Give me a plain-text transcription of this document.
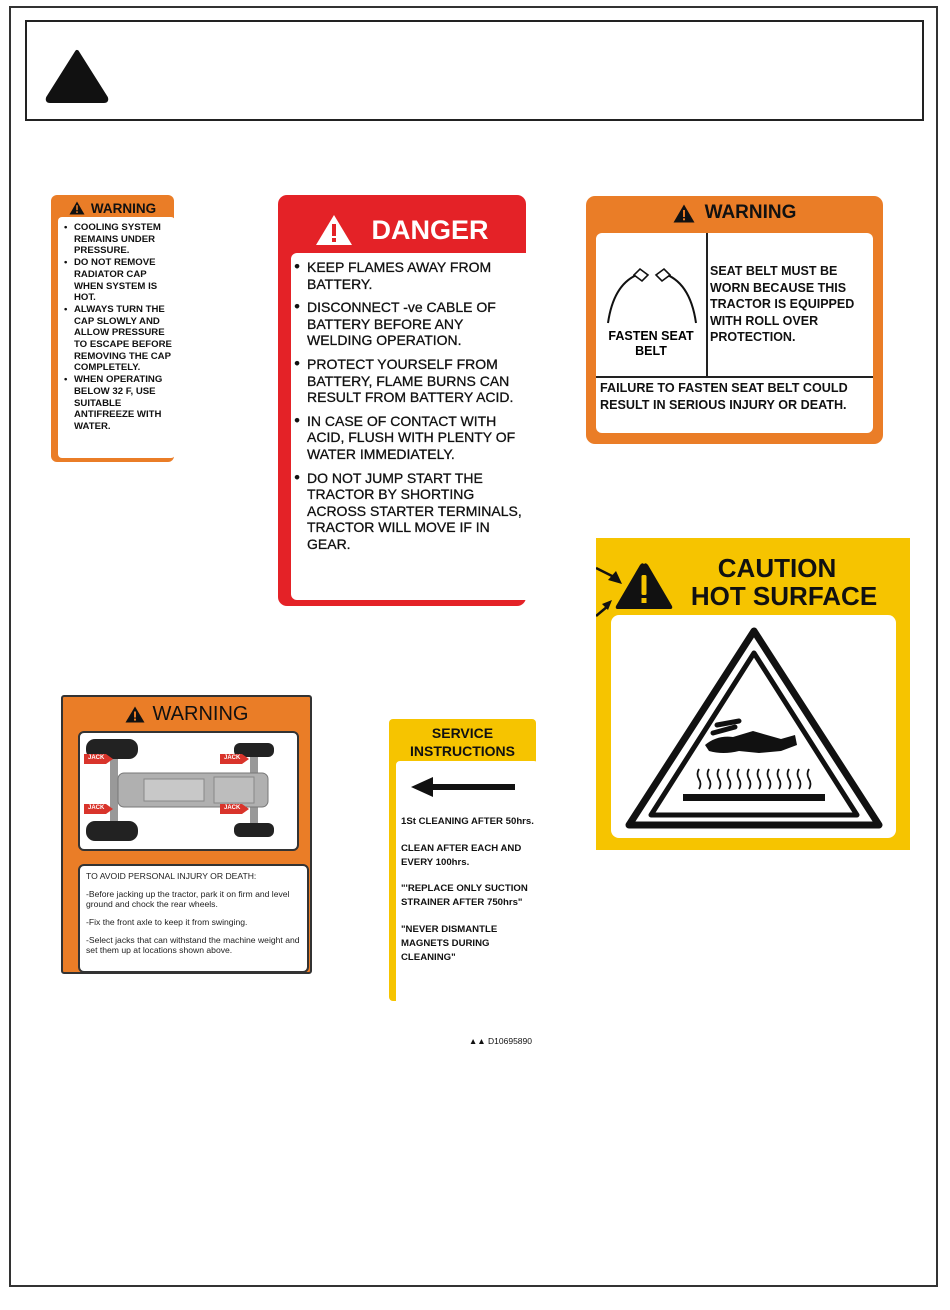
WARNING
• COOLING SYSTEM REMAINS UNDER PRESSURE.
• DO NOT REMOVE RADIATOR CAP WHEN SYSTEM IS HOT.
• ALWAYS TURN THE CAP SLOWLY AND ALLOW PRESSURE TO ESCAPE BEFORE REMOVING THE CAP COMPLETELY.
• WHEN OPERATING BELOW 32 F, USE SUITABLE ANTIFREEZE WITH WATER.
DANGER
● KEEP FLAMES AWAY FROM BATTERY.
● DISCONNECT -ve CABLE OF BATTERY BEFORE ANY WELDING OPERATION.
● PROTECT YOURSELF FROM BATTERY, FLAME BURNS CAN RESULT FROM BATTERY ACID.
● IN CASE OF CONTACT WITH ACID, FLUSH WITH PLENTY OF WATER IMMEDIATELY.
● DO NOT JUMP START THE TRACTOR BY SHORTING ACROSS STARTER TERMINALS, TRACTOR WILL MOVE IF IN GEAR.
WARNING
FASTEN SEAT BELT
SEAT BELT MUST BE WORN BECAUSE THIS TRACTOR IS EQUIPPED WITH ROLL OVER PROTECTION.
FAILURE TO FASTEN SEAT BELT COULD RESULT IN SERIOUS INJURY OR DEATH.
CAUTION
HOT SURFACE
WARNING
JACK
JACK
JACK
JACK

TO AVOID PERSONAL INJURY OR DEATH:

-Before jacking up the tractor, park it on firm and level ground and chock the rear wheels.

-Fix the front axle to keep it from swinging.

-Select jacks that can withstand the machine weight and set them up at locations shown above.

SERVICE
INSTRUCTIONS
1St CLEANING AFTER 50hrs.
CLEAN AFTER EACH AND EVERY 100hrs.
"'REPLACE ONLY SUCTION STRAINER AFTER 750hrs"
"NEVER DISMANTLE MAGNETS DURING CLEANING"
▲▲ D10695890
